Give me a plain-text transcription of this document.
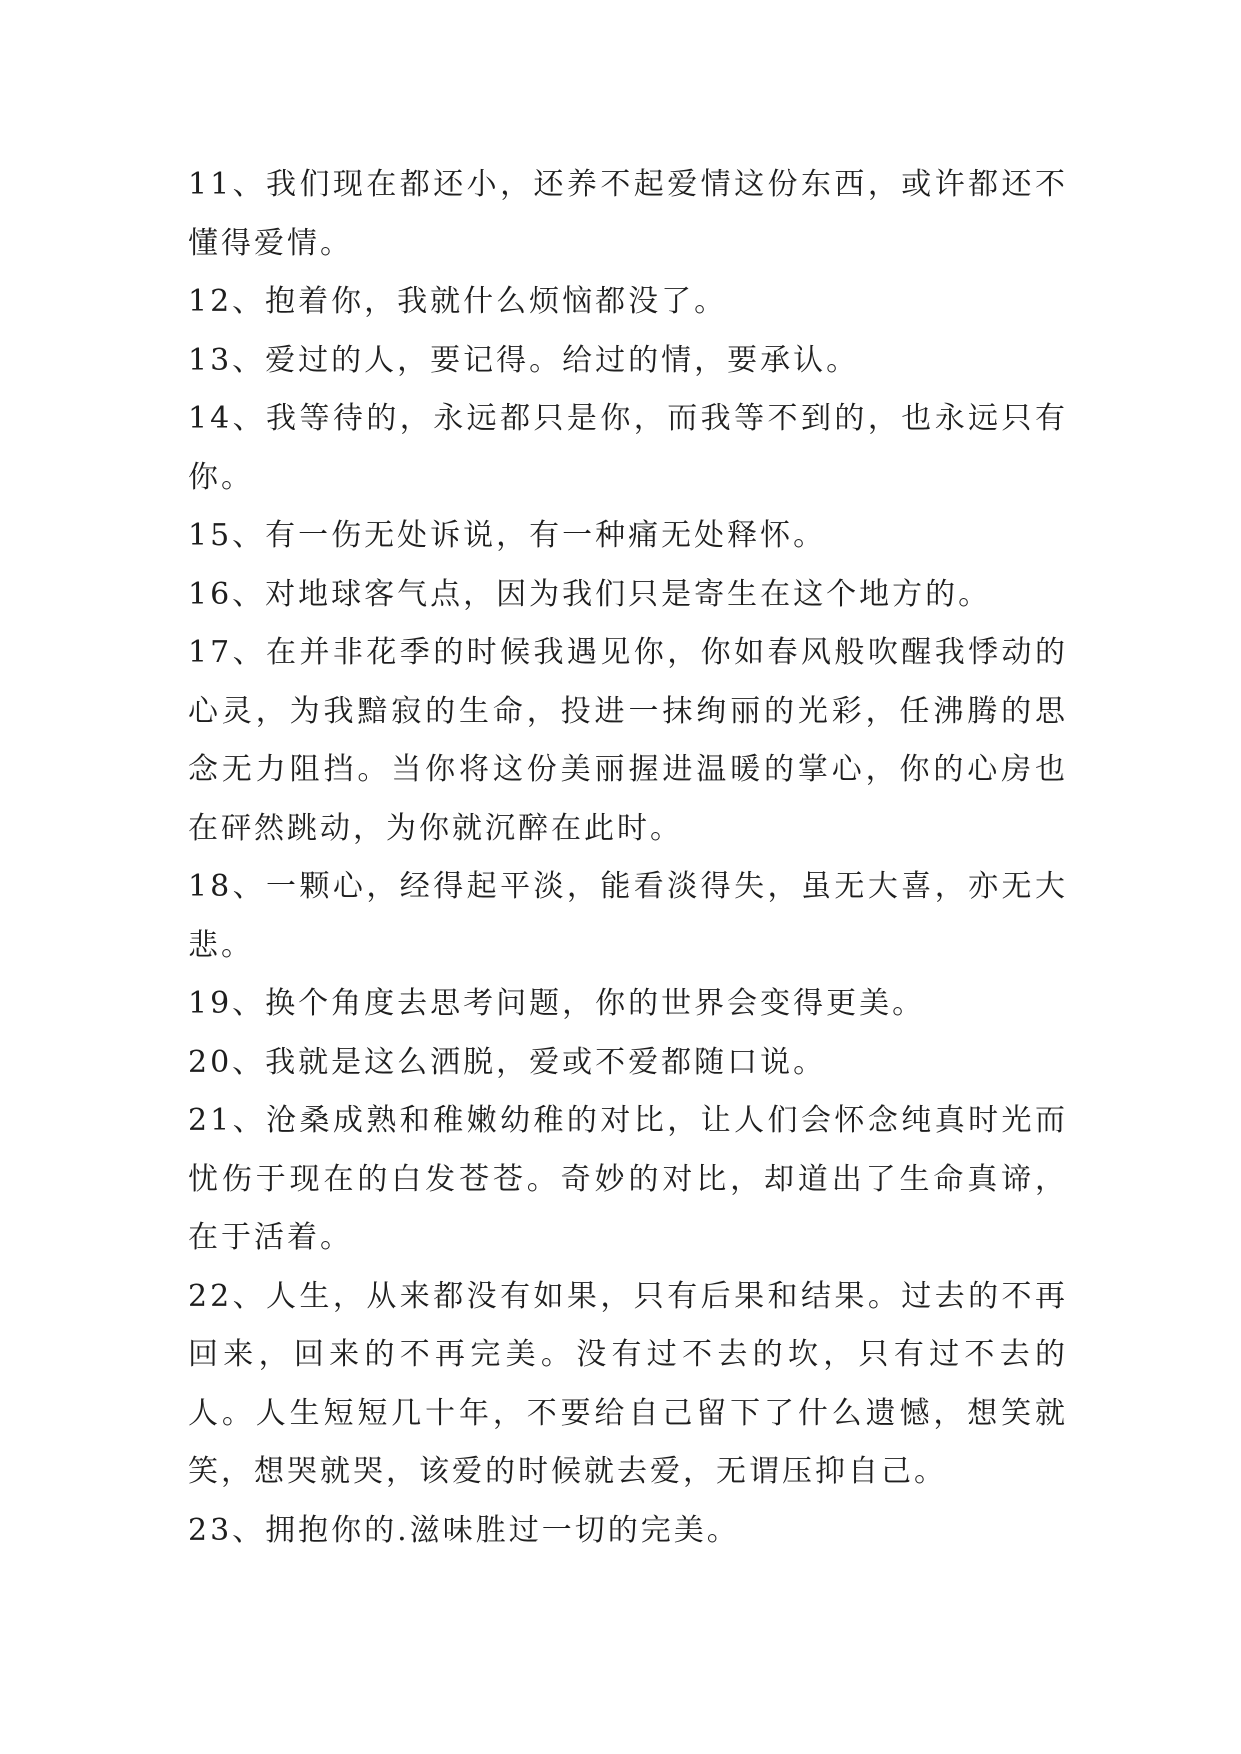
11、我们现在都还小，还养不起爱情这份东西，或许都还不懂得爱情。

12、抱着你，我就什么烦恼都没了。

13、爱过的人，要记得。给过的情，要承认。

14、我等待的，永远都只是你，而我等不到的，也永远只有你。

15、有一伤无处诉说，有一种痛无处释怀。

16、对地球客气点，因为我们只是寄生在这个地方的。

17、在并非花季的时候我遇见你，你如春风般吹醒我悸动的心灵，为我黯寂的生命，投进一抹绚丽的光彩，任沸腾的思念无力阻挡。当你将这份美丽握进温暖的掌心，你的心房也在砰然跳动，为你就沉醉在此时。

18、一颗心，经得起平淡，能看淡得失，虽无大喜，亦无大悲。

19、换个角度去思考问题，你的世界会变得更美。

20、我就是这么洒脱，爱或不爱都随口说。

21、沧桑成熟和稚嫩幼稚的对比，让人们会怀念纯真时光而忧伤于现在的白发苍苍。奇妙的对比，却道出了生命真谛，在于活着。

22、人生，从来都没有如果，只有后果和结果。过去的不再回来，回来的不再完美。没有过不去的坎，只有过不去的人。人生短短几十年，不要给自己留下了什么遗憾，想笑就笑，想哭就哭，该爱的时候就去爱，无谓压抑自己。

23、拥抱你的.滋味胜过一切的完美。
